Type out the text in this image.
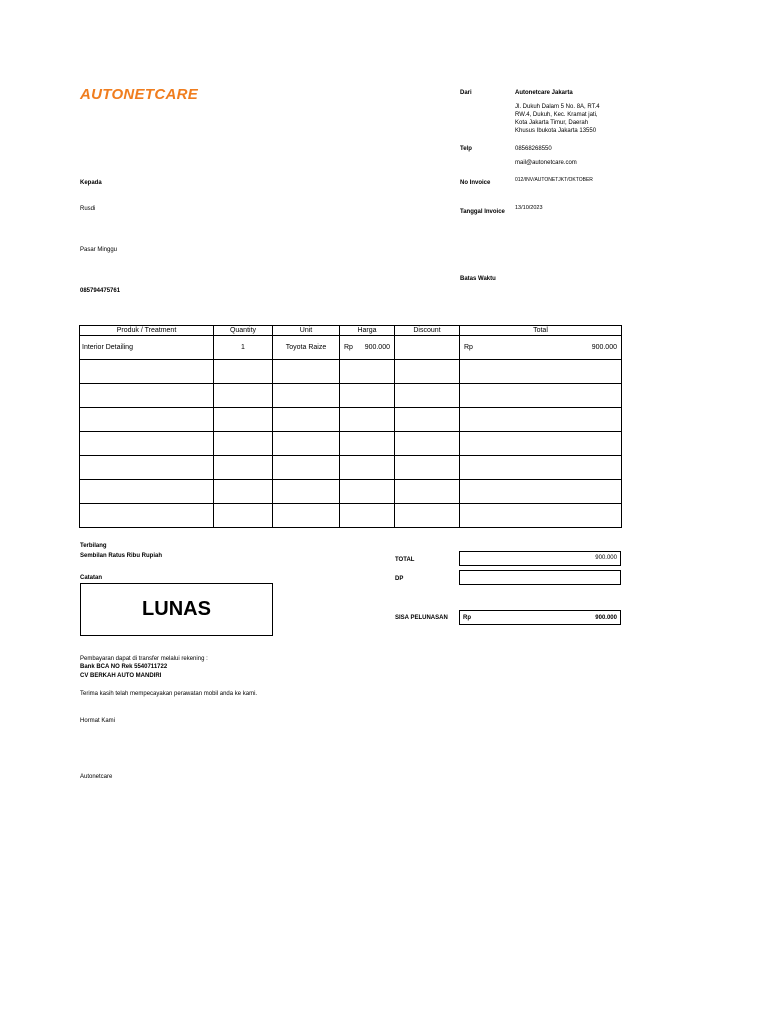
AUTONETCARE	Dari	Autonetcare Jakarta
Jl. Dukuh Dalam 5 No. 8A, RT.4
RW.4, Dukuh, Kec. Kramat jati,
Kota Jakarta Timur, Daerah
Khusus Ibukota Jakarta 13550
Telp	08568268550
mail@autonetcare.com
Kepada
Rusdi
Pasar Minggu
085794475761
No Invoice	012/INV/AUTONETJKT/OKTOBER
Tanggal Invoice
13/10/2023
Batas Waktu
Produk / Treatment	Quantity	Unit	Harga	Discount	Total
Interior Detailing	1	Toyota Raize	Rp 900.000		Rp 900.000

Terbilang
Sembilan Ratus Ribu Rupiah
Catatan
LUNAS
TOTAL	900.000
DP
SISA PELUNASAN	Rp	900.000
Pembayaran dapat di transfer melalui rekening :
Bank BCA NO Rek 5540711722
CV BERKAH AUTO MANDIRI
Terima kasih telah mempecayakan perawatan mobil anda ke kami.
Hormat Kami
Autonetcare
